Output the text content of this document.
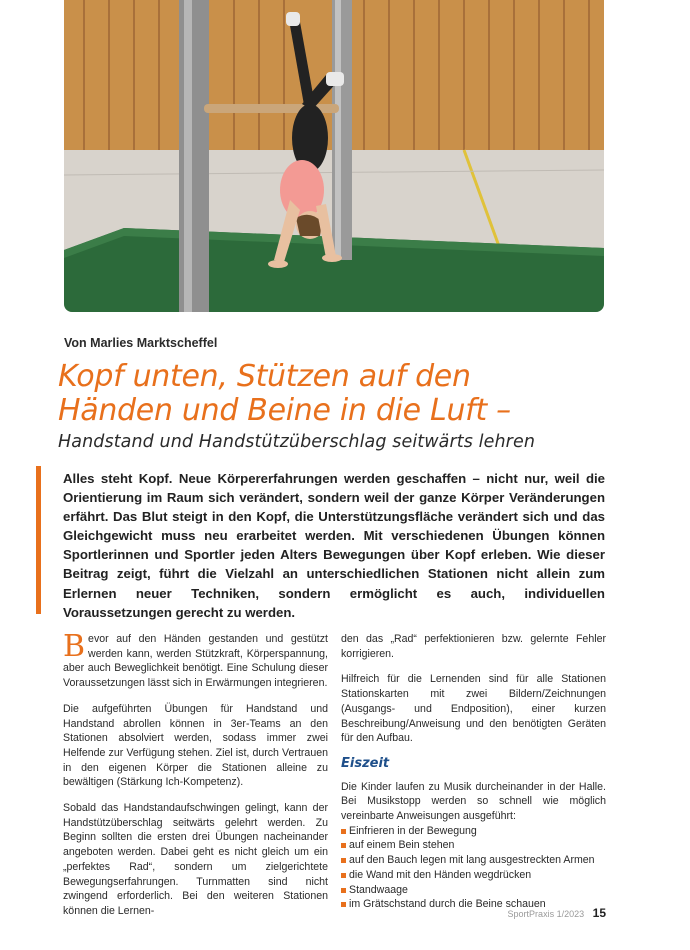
Von Marlies Marktscheffel
Kopf unten, Stützen auf den
Händen und Beine in die Luft –
Handstand und Handstützüberschlag seitwärts lehren

Alles steht Kopf. Neue Körpererfahrungen werden geschaffen – nicht nur, weil die Orientierung im Raum sich verändert, sondern weil der ganze Körper Veränderungen erfährt. Das Blut steigt in den Kopf, die Unterstützungsfläche verändert sich und das Gleichgewicht muss neu erarbeitet werden. Mit verschiedenen Übungen können Sportlerinnen und Sportler jeden Alters Bewegungen über Kopf erleben. Wie dieser Beitrag zeigt, führt die Vielzahl an unterschiedlichen Stationen nicht allein zum Erlernen neuer Techniken, sondern ermöglicht es auch, individuellen Voraussetzungen gerecht zu werden.

Bevor auf den Händen gestanden und gestützt werden kann, werden Stützkraft, Körperspannung, aber auch Beweglichkeit benötigt. Eine Schulung dieser Voraussetzungen lässt sich in Erwärmungen integrieren.

Die aufgeführten Übungen für Handstand und Handstand abrollen können in 3er-Teams an den Stationen absolviert werden, sodass immer zwei Helfende zur Verfügung stehen. Ziel ist, durch Vertrauen in den eigenen Körper die Stationen alleine zu bewältigen (Stärkung Ich-Kompetenz).

Sobald das Handstandaufschwingen gelingt, kann der Handstützüberschlag seitwärts gelehrt werden. Zu Beginn sollten die ersten drei Übungen nacheinander angeboten werden. Dabei geht es nicht gleich um ein „perfektes Rad“, sondern um zielgerichtete Bewegungserfahrungen. Turnmatten sind nicht zwingend erforderlich. Bei den weiteren Stationen können die Lernen-

den das „Rad“ perfektionieren bzw. gelernte Fehler korrigieren.

Hilfreich für die Lernenden sind für alle Stationen Stationskarten mit zwei Bildern/Zeichnungen (Ausgangs- und Endposition), einer kurzen Beschreibung/Anweisung und den benötigten Geräten für den Aufbau.

Eiszeit

Die Kinder laufen zu Musik durcheinander in der Halle. Bei Musikstopp werden so schnell wie möglich vereinbarte Anweisungen ausgeführt:

Einfrieren in der Bewegung
auf einem Bein stehen
auf den Bauch legen mit lang ausgestreckten Armen
die Wand mit den Händen wegdrücken
Standwaage
im Grätschstand durch die Beine schauen
SportPraxis 1/2023 15
